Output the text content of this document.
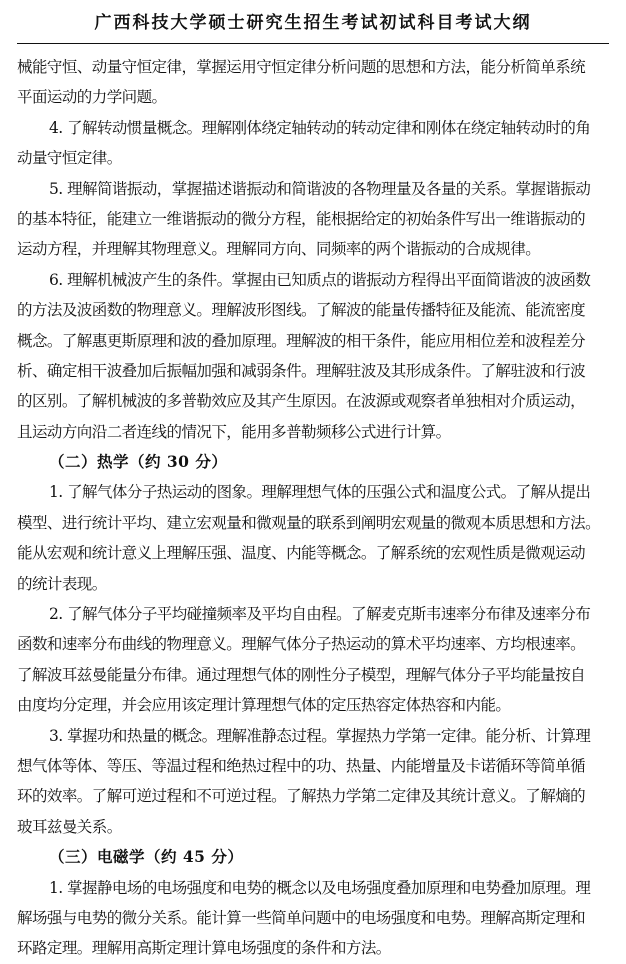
广西科技大学硕士研究生招生考试初试科目考试大纲
械能守恒、动量守恒定律，掌握运用守恒定律分析问题的思想和方法，能分析简单系统
平面运动的力学问题。
4. 了解转动惯量概念。理解刚体绕定轴转动的转动定律和刚体在绕定轴转动时的角
动量守恒定律。
5. 理解简谐振动，掌握描述谐振动和简谐波的各物理量及各量的关系。掌握谐振动
的基本特征，能建立一维谐振动的微分方程，能根据给定的初始条件写出一维谐振动的
运动方程，并理解其物理意义。理解同方向、同频率的两个谐振动的合成规律。
6. 理解机械波产生的条件。掌握由已知质点的谐振动方程得出平面简谐波的波函数
的方法及波函数的物理意义。理解波形图线。了解波的能量传播特征及能流、能流密度
概念。了解惠更斯原理和波的叠加原理。理解波的相干条件，能应用相位差和波程差分
析、确定相干波叠加后振幅加强和减弱条件。理解驻波及其形成条件。了解驻波和行波
的区别。了解机械波的多普勒效应及其产生原因。在波源或观察者单独相对介质运动，
且运动方向沿二者连线的情况下，能用多普勒频移公式进行计算。
（二）热学（约 30 分）
1. 了解气体分子热运动的图象。理解理想气体的压强公式和温度公式。了解从提出
模型、进行统计平均、建立宏观量和微观量的联系到阐明宏观量的微观本质思想和方法。
能从宏观和统计意义上理解压强、温度、内能等概念。了解系统的宏观性质是微观运动
的统计表现。
2. 了解气体分子平均碰撞频率及平均自由程。了解麦克斯韦速率分布律及速率分布
函数和速率分布曲线的物理意义。理解气体分子热运动的算术平均速率、方均根速率。
了解波耳兹曼能量分布律。通过理想气体的刚性分子模型，理解气体分子平均能量按自
由度均分定理，并会应用该定理计算理想气体的定压热容定体热容和内能。
3. 掌握功和热量的概念。理解准静态过程。掌握热力学第一定律。能分析、计算理
想气体等体、等压、等温过程和绝热过程中的功、热量、内能增量及卡诺循环等简单循
环的效率。了解可逆过程和不可逆过程。了解热力学第二定律及其统计意义。了解熵的
玻耳兹曼关系。
（三）电磁学（约 45 分）
1. 掌握静电场的电场强度和电势的概念以及电场强度叠加原理和电势叠加原理。理
解场强与电势的微分关系。能计算一些简单问题中的电场强度和电势。理解高斯定理和
环路定理。理解用高斯定理计算电场强度的条件和方法。
